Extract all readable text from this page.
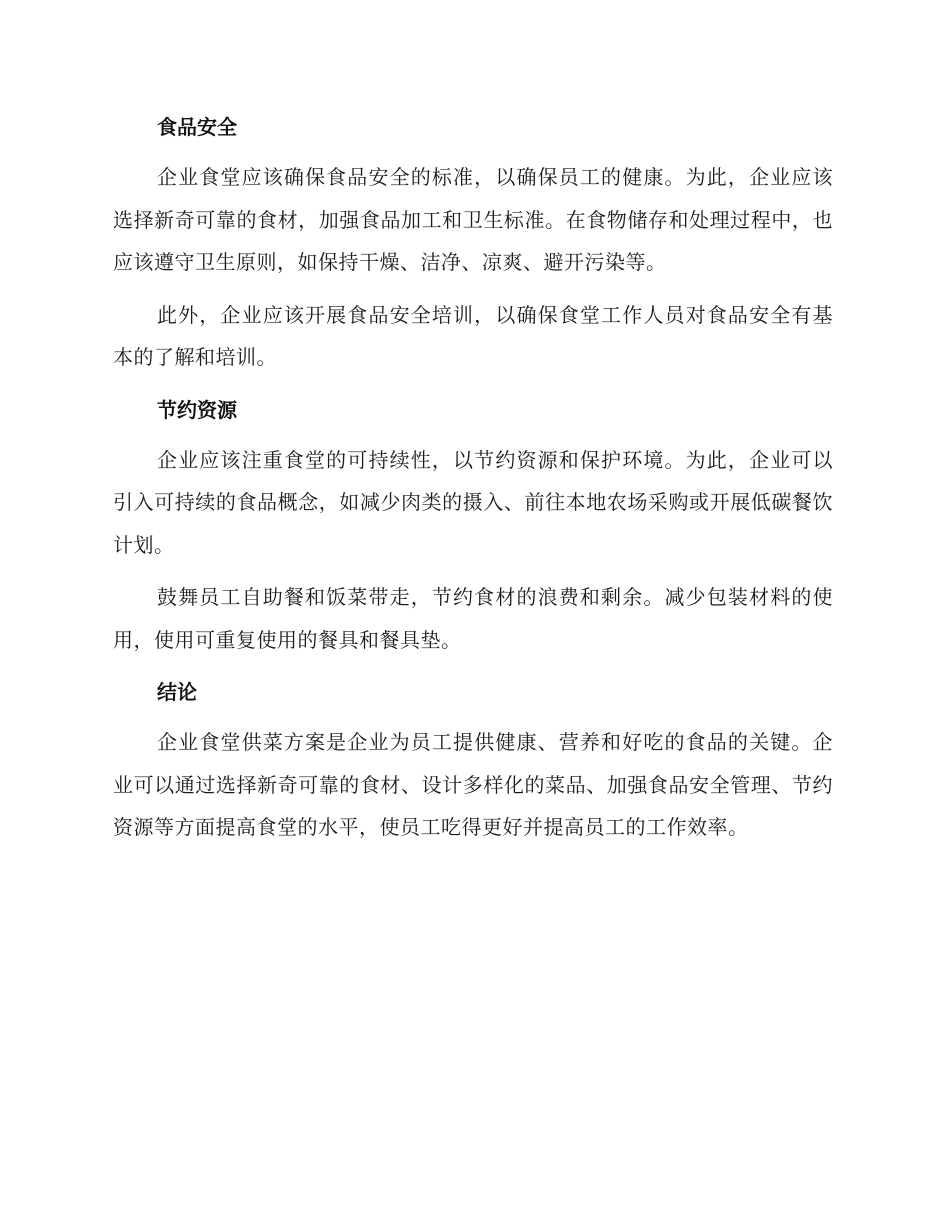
食品安全

企业食堂应该确保食品安全的标准，以确保员工的健康。为此，企业应该选择新奇可靠的食材，加强食品加工和卫生标准。在食物储存和处理过程中，也应该遵守卫生原则，如保持干燥、洁净、凉爽、避开污染等。

此外，企业应该开展食品安全培训，以确保食堂工作人员对食品安全有基本的了解和培训。

节约资源

企业应该注重食堂的可持续性，以节约资源和保护环境。为此，企业可以引入可持续的食品概念，如减少肉类的摄入、前往本地农场采购或开展低碳餐饮计划。

鼓舞员工自助餐和饭菜带走，节约食材的浪费和剩余。减少包装材料的使用，使用可重复使用的餐具和餐具垫。

结论

企业食堂供菜方案是企业为员工提供健康、营养和好吃的食品的关键。企业可以通过选择新奇可靠的食材、设计多样化的菜品、加强食品安全管理、节约资源等方面提高食堂的水平，使员工吃得更好并提高员工的工作效率。
